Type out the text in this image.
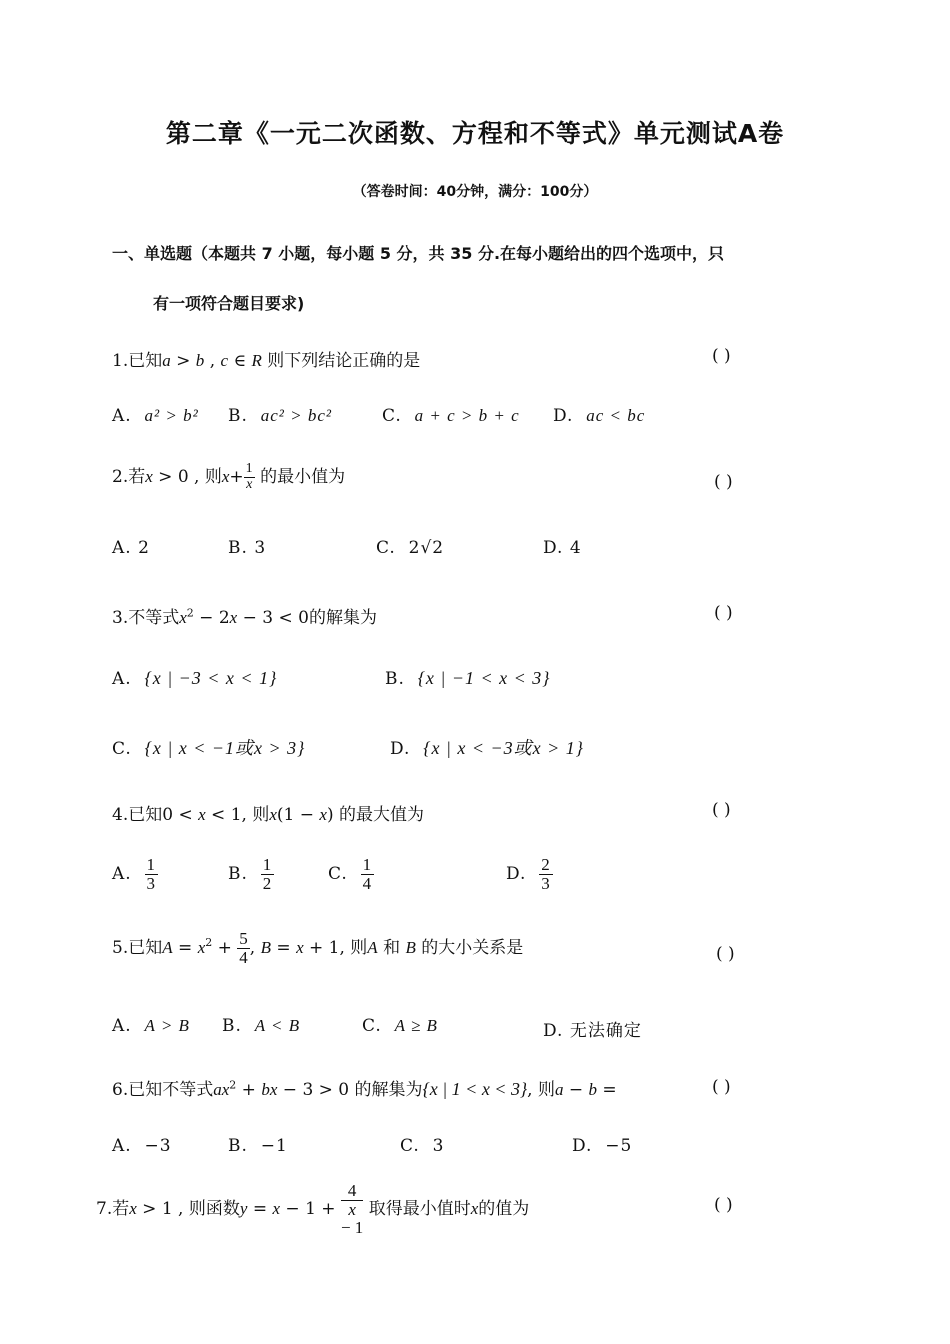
第二章《一元二次函数、方程和不等式》单元测试A卷
（答卷时间：40分钟，满分：100分）
一、单选题（本题共 7 小题，每小题 5 分，共 35 分.在每小题给出的四个选项中，只
有一项符合题目要求)
1.已知a > b , c ∈ R 则下列结论正确的是	( )
A. a² > b² B. ac² > bc²	C. a + c > b + c D. ac < bc
2.若x > 0 , 则$x+ \frac{1}{x}$ 的最小值为	( )
A. 2	B. 3	C. 2√2	D. 4
3.不等式$x^2 - 2x - 3 < 0$的解集为	( )
A. {x | −3 < x < 1}	B. {x | −1 < x < 3}
C. {x | x < −1或x > 3}	D. {x | x < −3或x > 1}
4.已知0 < x < 1, 则x(1 − x) 的最大值为	( )
A. $\frac{1}{3}$	B. $\frac{1}{2}$	C. $\frac{1}{4}$	D. $\frac{2}{3}$
5.已知$A = x^2 + \frac{5}{4}$ , B = x + 1, 则A 和 B 的大小关系是	( )
A. A > B B. A < B	C. A ≥ B	D. 无法确定
6.已知不等式$ax^2$ + bx − 3 > 0 的解集为{x | 1 < x < 3}, 则a − b =	( )
A. −3	B. −1	C. 3	D. −5
7.若x > 1 , 则函数y = x − 1 + 4
x
− 1 取得最小值时x的值为	( )
